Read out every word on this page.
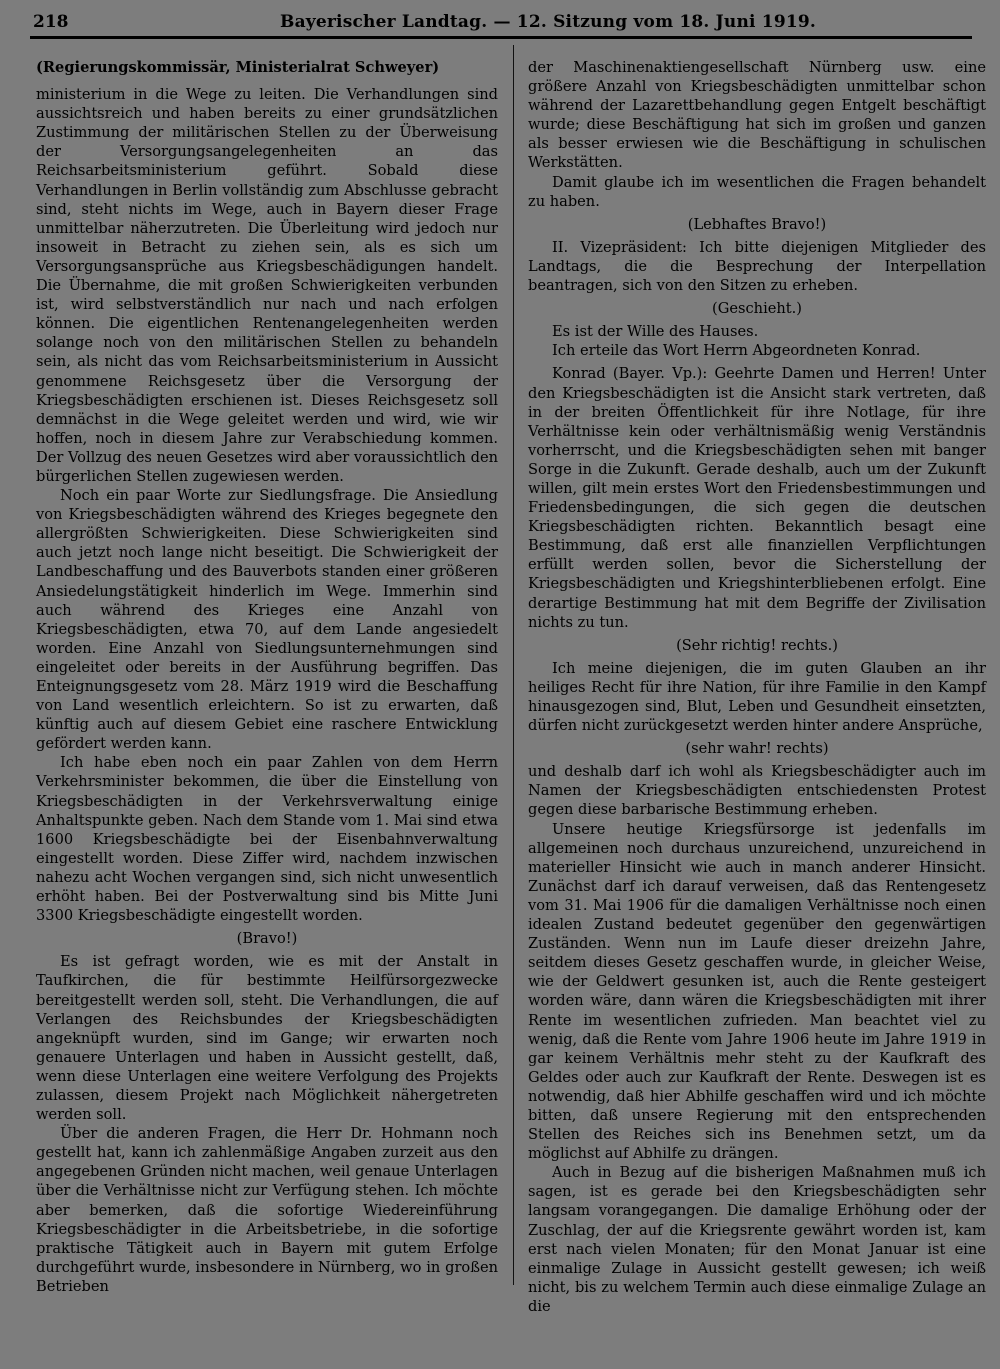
218	Bayerischer Landtag. — 12. Sitzung vom 18. Juni 1919.

(Regierungskommissär, Ministerialrat Schweyer)

ministerium in die Wege zu leiten. Die Verhandlungen sind aussichtsreich und haben bereits zu einer grundsätzlichen Zustimmung der militärischen Stellen zu der Überweisung der Versorgungsangelegenheiten an das Reichsarbeitsministerium geführt. Sobald diese Verhandlungen in Berlin vollständig zum Abschlusse gebracht sind, steht nichts im Wege, auch in Bayern dieser Frage unmittelbar näherzutreten. Die Überleitung wird jedoch nur insoweit in Betracht zu ziehen sein, als es sich um Versorgungsansprüche aus Kriegsbeschädigungen handelt. Die Übernahme, die mit großen Schwierigkeiten verbunden ist, wird selbstverständlich nur nach und nach erfolgen können. Die eigentlichen Rentenangelegenheiten werden solange noch von den militärischen Stellen zu behandeln sein, als nicht das vom Reichsarbeitsministerium in Aussicht genommene Reichsgesetz über die Versorgung der Kriegsbeschädigten erschienen ist. Dieses Reichsgesetz soll demnächst in die Wege geleitet werden und wird, wie wir hoffen, noch in diesem Jahre zur Verabschiedung kommen. Der Vollzug des neuen Gesetzes wird aber voraussichtlich den bürgerlichen Stellen zugewiesen werden.

Noch ein paar Worte zur Siedlungsfrage. Die Ansiedlung von Kriegsbeschädigten während des Krieges begegnete den allergrößten Schwierigkeiten. Diese Schwierigkeiten sind auch jetzt noch lange nicht beseitigt. Die Schwierigkeit der Landbeschaffung und des Bauverbots standen einer größeren Ansiedelungstätigkeit hinderlich im Wege. Immerhin sind auch während des Krieges eine Anzahl von Kriegsbeschädigten, etwa 70, auf dem Lande angesiedelt worden. Eine Anzahl von Siedlungsunternehmungen sind eingeleitet oder bereits in der Ausführung begriffen. Das Enteignungsgesetz vom 28. März 1919 wird die Beschaffung von Land wesentlich erleichtern. So ist zu erwarten, daß künftig auch auf diesem Gebiet eine raschere Entwicklung gefördert werden kann.

Ich habe eben noch ein paar Zahlen von dem Herrn Verkehrsminister bekommen, die über die Einstellung von Kriegsbeschädigten in der Verkehrsverwaltung einige Anhaltspunkte geben. Nach dem Stande vom 1. Mai sind etwa 1600 Kriegsbeschädigte bei der Eisenbahnverwaltung eingestellt worden. Diese Ziffer wird, nachdem inzwischen nahezu acht Wochen vergangen sind, sich nicht unwesentlich erhöht haben. Bei der Postverwaltung sind bis Mitte Juni 3300 Kriegsbeschädigte eingestellt worden.

(Bravo!)

Es ist gefragt worden, wie es mit der Anstalt in Taufkirchen, die für bestimmte Heilfürsorgezwecke bereitgestellt werden soll, steht. Die Verhandlungen, die auf Verlangen des Reichsbundes der Kriegsbeschädigten angeknüpft wurden, sind im Gange; wir erwarten noch genauere Unterlagen und haben in Aussicht gestellt, daß, wenn diese Unterlagen eine weitere Verfolgung des Projekts zulassen, diesem Projekt nach Möglichkeit nähergetreten werden soll.

Über die anderen Fragen, die Herr Dr. Hohmann noch gestellt hat, kann ich zahlenmäßige Angaben zurzeit aus den angegebenen Gründen nicht machen, weil genaue Unterlagen über die Verhältnisse nicht zur Verfügung stehen. Ich möchte aber bemerken, daß die sofortige Wiedereinführung Kriegsbeschädigter in die Arbeitsbetriebe, in die sofortige praktische Tätigkeit auch in Bayern mit gutem Erfolge durchgeführt wurde, insbesondere in Nürnberg, wo in großen Betrieben

der Maschinenaktiengesellschaft Nürnberg usw. eine größere Anzahl von Kriegsbeschädigten unmittelbar schon während der Lazarettbehandlung gegen Entgelt beschäftigt wurde; diese Beschäftigung hat sich im großen und ganzen als besser erwiesen wie die Beschäftigung in schulischen Werkstätten.

Damit glaube ich im wesentlichen die Fragen behandelt zu haben.

(Lebhaftes Bravo!)

II. Vizepräsident: Ich bitte diejenigen Mitglieder des Landtags, die die Besprechung der Interpellation beantragen, sich von den Sitzen zu erheben.

(Geschieht.)

Es ist der Wille des Hauses.

Ich erteile das Wort Herrn Abgeordneten Konrad.

Konrad (Bayer. Vp.): Geehrte Damen und Herren! Unter den Kriegsbeschädigten ist die Ansicht stark vertreten, daß in der breiten Öffentlichkeit für ihre Notlage, für ihre Verhältnisse kein oder verhältnismäßig wenig Verständnis vorherrscht, und die Kriegsbeschädigten sehen mit banger Sorge in die Zukunft. Gerade deshalb, auch um der Zukunft willen, gilt mein erstes Wort den Friedensbestimmungen und Friedensbedingungen, die sich gegen die deutschen Kriegsbeschädigten richten. Bekanntlich besagt eine Bestimmung, daß erst alle finanziellen Verpflichtungen erfüllt werden sollen, bevor die Sicherstellung der Kriegsbeschädigten und Kriegshinterbliebenen erfolgt. Eine derartige Bestimmung hat mit dem Begriffe der Zivilisation nichts zu tun.

(Sehr richtig! rechts.)

Ich meine diejenigen, die im guten Glauben an ihr heiliges Recht für ihre Nation, für ihre Familie in den Kampf hinausgezogen sind, Blut, Leben und Gesundheit einsetzten, dürfen nicht zurückgesetzt werden hinter andere Ansprüche,

(sehr wahr! rechts)

und deshalb darf ich wohl als Kriegsbeschädigter auch im Namen der Kriegsbeschädigten entschiedensten Protest gegen diese barbarische Bestimmung erheben.

Unsere heutige Kriegsfürsorge ist jedenfalls im allgemeinen noch durchaus unzureichend, unzureichend in materieller Hinsicht wie auch in manch anderer Hinsicht. Zunächst darf ich darauf verweisen, daß das Rentengesetz vom 31. Mai 1906 für die damaligen Verhältnisse noch einen idealen Zustand bedeutet gegenüber den gegenwärtigen Zuständen. Wenn nun im Laufe dieser dreizehn Jahre, seitdem dieses Gesetz geschaffen wurde, in gleicher Weise, wie der Geldwert gesunken ist, auch die Rente gesteigert worden wäre, dann wären die Kriegsbeschädigten mit ihrer Rente im wesentlichen zufrieden. Man beachtet viel zu wenig, daß die Rente vom Jahre 1906 heute im Jahre 1919 in gar keinem Verhältnis mehr steht zu der Kaufkraft des Geldes oder auch zur Kaufkraft der Rente. Deswegen ist es notwendig, daß hier Abhilfe geschaffen wird und ich möchte bitten, daß unsere Regierung mit den entsprechenden Stellen des Reiches sich ins Benehmen setzt, um da möglichst auf Abhilfe zu drängen.

Auch in Bezug auf die bisherigen Maßnahmen muß ich sagen, ist es gerade bei den Kriegsbeschädigten sehr langsam vorangegangen. Die damalige Erhöhung oder der Zuschlag, der auf die Kriegsrente gewährt worden ist, kam erst nach vielen Monaten; für den Monat Januar ist eine einmalige Zulage in Aussicht gestellt gewesen; ich weiß nicht, bis zu welchem Termin auch diese einmalige Zulage an die
